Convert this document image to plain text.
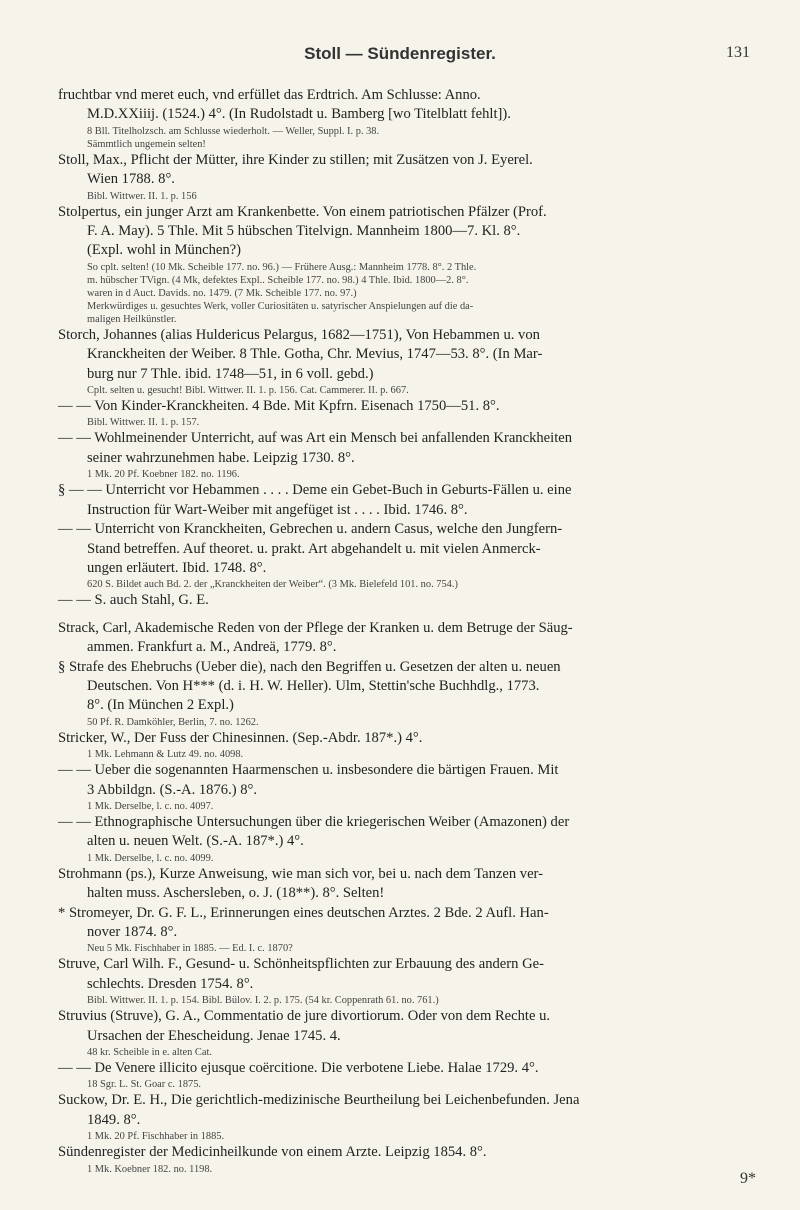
Stoll — Sündenregister.	131

fruchtbar vnd meret euch, vnd erfüllet das Erdtrich. Am Schlusse: Anno.

M.D.XXiiij. (1524.) 4°. (In Rudolstadt u. Bamberg [wo Titelblatt fehlt]).

8 Bll. Titelholzsch. am Schlusse wiederholt. — Weller, Suppl. I. p. 38.
Sämmtlich ungemein selten!

Stoll, Max., Pflicht der Mütter, ihre Kinder zu stillen; mit Zusätzen von J. Eyerel.

Wien 1788. 8°.

Bibl. Wittwer. II. 1. p. 156

Stolpertus, ein junger Arzt am Krankenbette. Von einem patriotischen Pfälzer (Prof.

F. A. May). 5 Thle. Mit 5 hübschen Titelvign. Mannheim 1800—7. Kl. 8°.

(Expl. wohl in München?)

So cplt. selten! (10 Mk. Scheible 177. no. 96.) — Frühere Ausg.: Mannheim 1778. 8°. 2 Thle.
m. hübscher TVign. (4 Mk, defektes Expl.. Scheible 177. no. 98.) 4 Thle. Ibid. 1800—2. 8°.
waren in d Auct. Davids. no. 1479. (7 Mk. Scheible 177. no. 97.)
Merkwürdiges u. gesuchtes Werk, voller Curiositäten u. satyrischer Anspielungen auf die da-
maligen Heilkünstler.

Storch, Johannes (alias Huldericus Pelargus, 1682—1751), Von Hebammen u. von

Kranckheiten der Weiber. 8 Thle. Gotha, Chr. Mevius, 1747—53. 8°. (In Mar-

burg nur 7 Thle. ibid. 1748—51, in 6 voll. gebd.)

Cplt. selten u. gesucht! Bibl. Wittwer. II. 1. p. 156. Cat. Cammerer. II. p. 667.

— — Von Kinder-Kranckheiten. 4 Bde. Mit Kpfrn. Eisenach 1750—51. 8°.

Bibl. Wittwer. II. 1. p. 157.

— — Wohlmeinender Unterricht, auf was Art ein Mensch bei anfallenden Kranckheiten

seiner wahrzunehmen habe. Leipzig 1730. 8°.

1 Mk. 20 Pf. Koebner 182. no. 1196.

§ — — Unterricht vor Hebammen . . . . Deme ein Gebet-Buch in Geburts-Fällen u. eine

Instruction für Wart-Weiber mit angefüget ist . . . . Ibid. 1746. 8°.

— — Unterricht von Kranckheiten, Gebrechen u. andern Casus, welche den Jungfern-

Stand betreffen. Auf theoret. u. prakt. Art abgehandelt u. mit vielen Anmerck-

ungen erläutert. Ibid. 1748. 8°.

620 S. Bildet auch Bd. 2. der „Kranckheiten der Weiber“. (3 Mk. Bielefeld 101. no. 754.)

— — S. auch Stahl, G. E.

Strack, Carl, Akademische Reden von der Pflege der Kranken u. dem Betruge der Säug-

ammen. Frankfurt a. M., Andreä, 1779. 8°.

§ Strafe des Ehebruchs (Ueber die), nach den Begriffen u. Gesetzen der alten u. neuen

Deutschen. Von H*** (d. i. H. W. Heller). Ulm, Stettin'sche Buchhdlg., 1773.

8°. (In München 2 Expl.)

50 Pf. R. Damköhler, Berlin, 7. no. 1262.

Stricker, W., Der Fuss der Chinesinnen. (Sep.-Abdr. 187*.) 4°.

1 Mk. Lehmann & Lutz 49. no. 4098.

— — Ueber die sogenannten Haarmenschen u. insbesondere die bärtigen Frauen. Mit

3 Abbildgn. (S.-A. 1876.) 8°.

1 Mk. Derselbe, l. c. no. 4097.

— — Ethnographische Untersuchungen über die kriegerischen Weiber (Amazonen) der

alten u. neuen Welt. (S.-A. 187*.) 4°.

1 Mk. Derselbe, l. c. no. 4099.

Strohmann (ps.), Kurze Anweisung, wie man sich vor, bei u. nach dem Tanzen ver-

halten muss. Aschersleben, o. J. (18**). 8°. Selten!

* Stromeyer, Dr. G. F. L., Erinnerungen eines deutschen Arztes. 2 Bde. 2 Aufl. Han-

nover 1874. 8°.

Neu 5 Mk. Fischhaber in 1885. — Ed. I. c. 1870?

Struve, Carl Wilh. F., Gesund- u. Schönheitspflichten zur Erbauung des andern Ge-

schlechts. Dresden 1754. 8°.

Bibl. Wittwer. II. 1. p. 154. Bibl. Bülov. I. 2. p. 175. (54 kr. Coppenrath 61. no. 761.)

Struvius (Struve), G. A., Commentatio de jure divortiorum. Oder von dem Rechte u.

Ursachen der Ehescheidung. Jenae 1745. 4.

48 kr. Scheible in e. alten Cat.

— — De Venere illicito ejusque coërcitione. Die verbotene Liebe. Halae 1729. 4°.

18 Sgr. L. St. Goar c. 1875.

Suckow, Dr. E. H., Die gerichtlich-medizinische Beurtheilung bei Leichenbefunden. Jena

1849. 8°.

1 Mk. 20 Pf. Fischhaber in 1885.

Sündenregister der Medicinheilkunde von einem Arzte. Leipzig 1854. 8°.

1 Mk. Koebner 182. no. 1198.
9*
